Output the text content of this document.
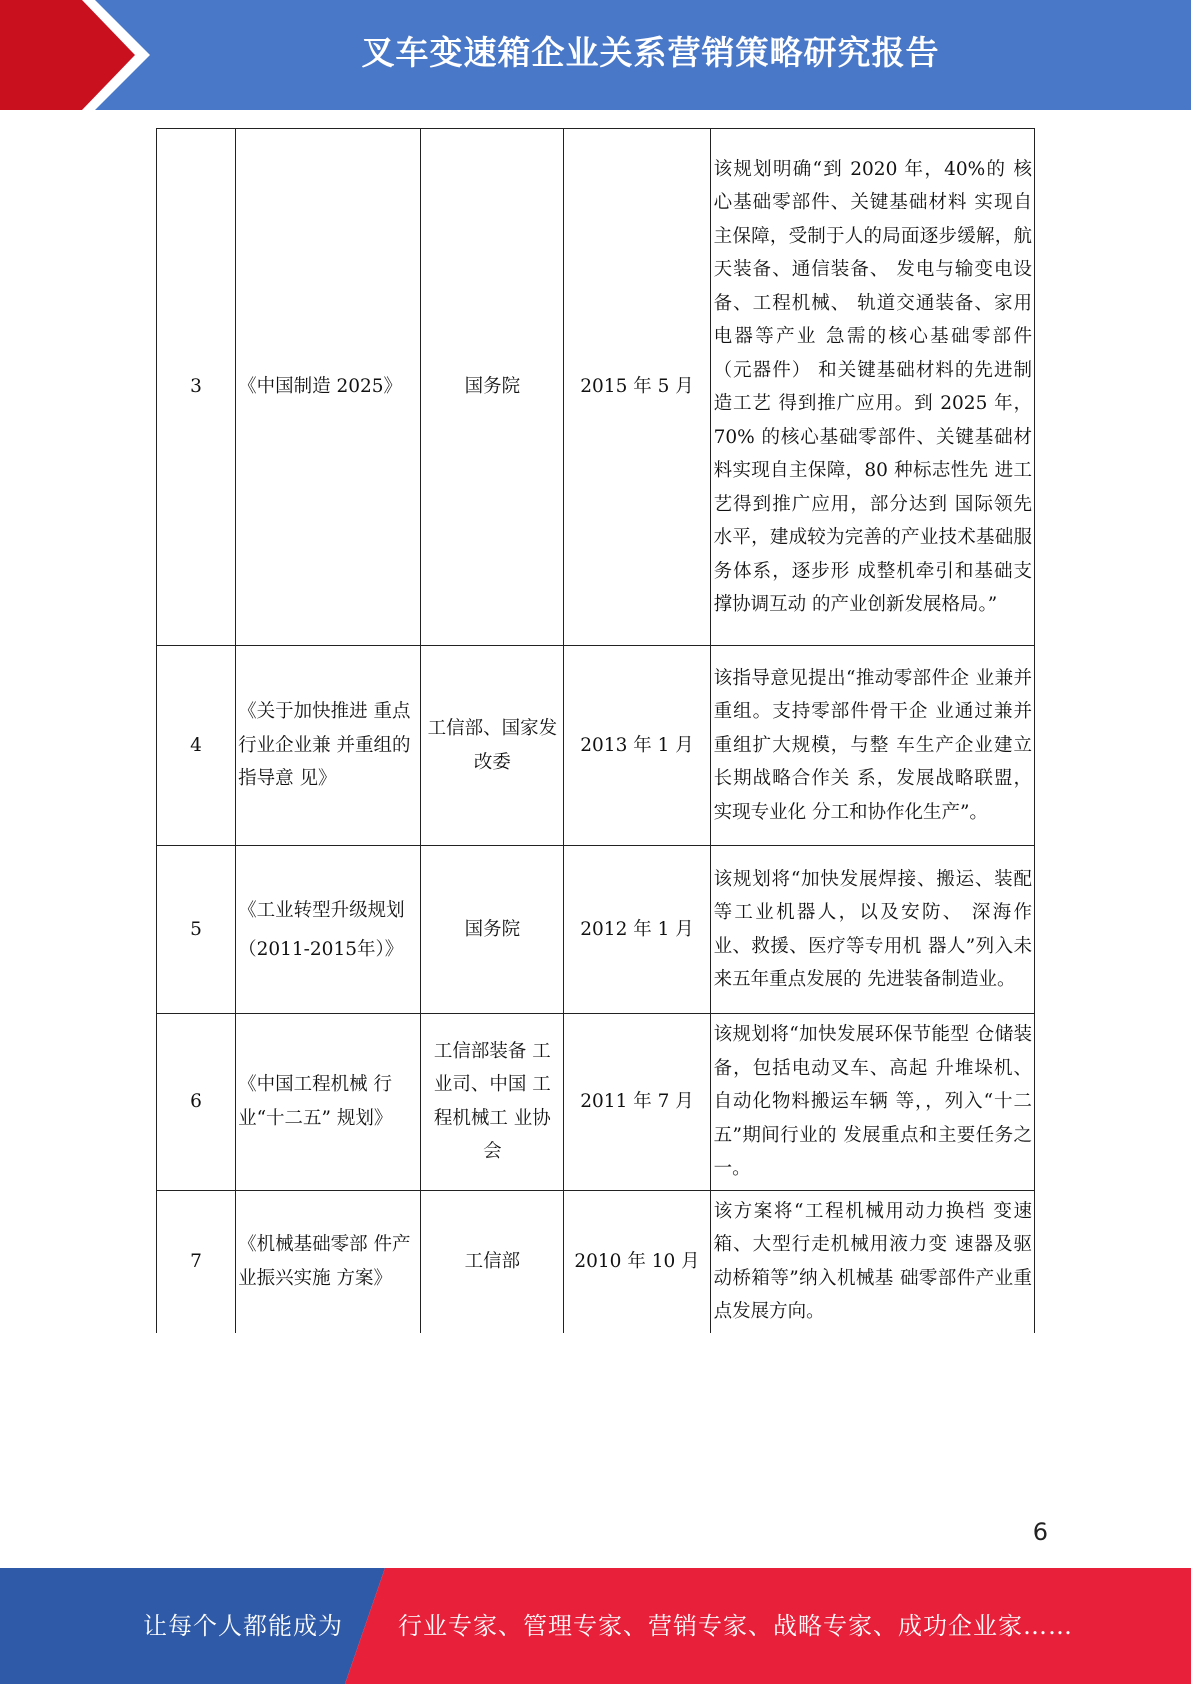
叉车变速箱企业关系营销策略研究报告
3	《中国制造 2025》	国务院	2015 年 5 月	该规划明确“到 2020 年，40%的 核心基础零部件、关键基础材料 实现自主保障，受制于人的局面逐步缓解，航天装备、通信装备、 发电与输变电设备、工程机械、 轨道交通装备、家用电器等产业 急需的核心基础零部件（元器件） 和关键基础材料的先进制造工艺 得到推广应用。到 2025 年，70% 的核心基础零部件、关键基础材 料实现自主保障，80 种标志性先 进工艺得到推广应用，部分达到 国际领先水平，建成较为完善的产业技术基础服务体系，逐步形 成整机牵引和基础支撑协调互动 的产业创新发展格局。”

4	《关于加快推进 重点行业企业兼 并重组的指导意 见》	工信部、国家发改委	2013 年 1 月	该指导意见提出“推动零部件企 业兼并重组。支持零部件骨干企 业通过兼并重组扩大规模，与整 车生产企业建立长期战略合作关 系，发展战略联盟，实现专业化 分工和协作化生产”。

5	《工业转型升级规划（2011-2015年）》	国务院	2012 年 1 月	该规划将“加快发展焊接、搬运、装配等工业机器人，以及安防、 深海作业、救援、医疗等专用机 器人”列入未来五年重点发展的 先进装备制造业。

6	《中国工程机械 行业“十二五” 规划》	工信部装备 工业司、中国 工程机械工 业协会	2011 年 7 月	该规划将“加快发展环保节能型 仓储装备，包括电动叉车、高起 升堆垛机、自动化物料搬运车辆 等，，列入“十二五”期间行业的 发展重点和主要任务之一。

7	《机械基础零部 件产业振兴实施 方案》	工信部	2010 年 10 月	该方案将“工程机械用动力换档 变速箱、大型行走机械用液力变 速器及驱动桥箱等”纳入机械基 础零部件产业重点发展方向。
6
让每个人都能成为 行业专家、管理专家、营销专家、战略专家、成功企业家……
